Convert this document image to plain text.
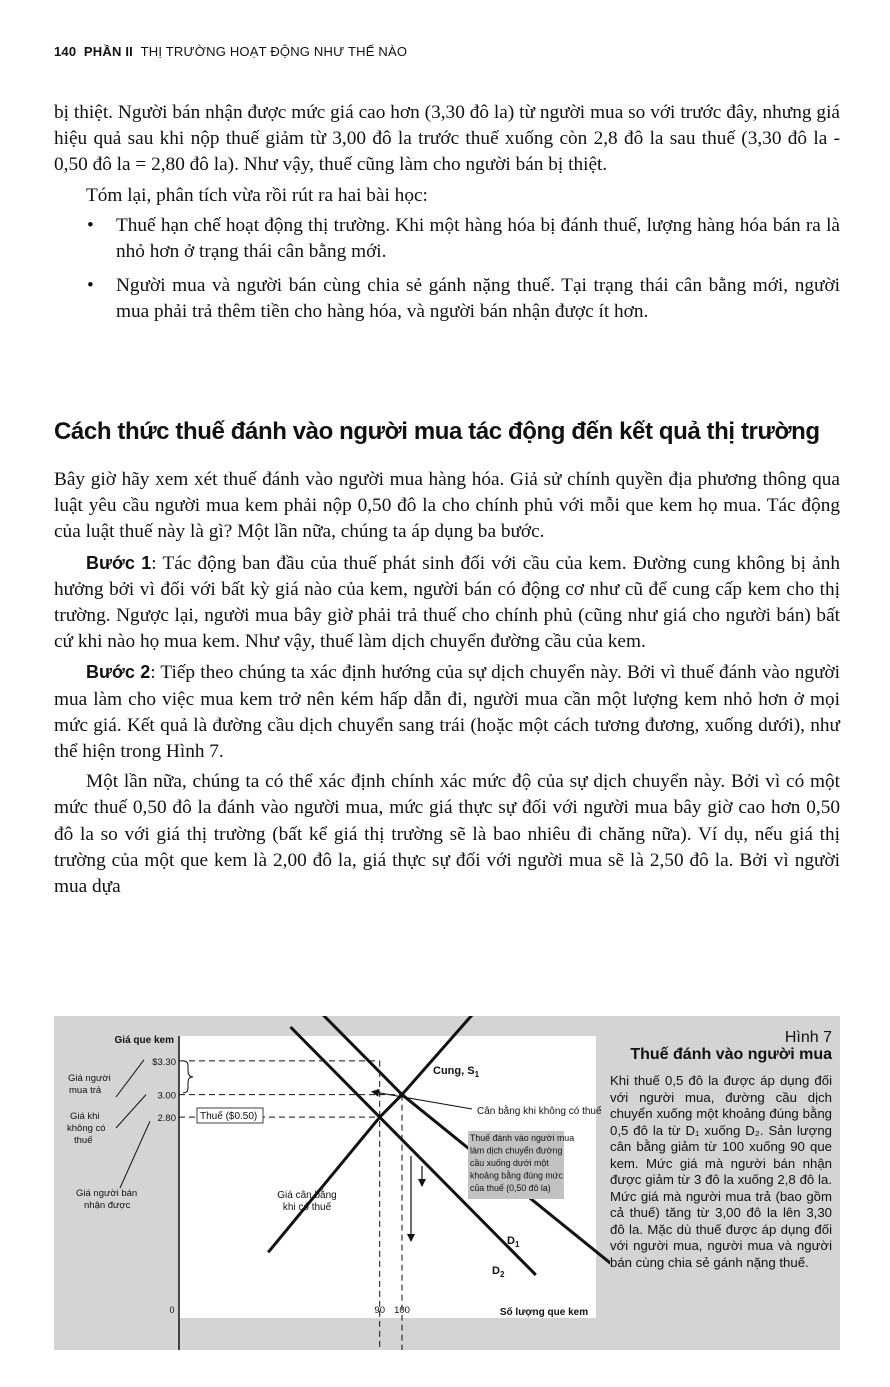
140 PHẦN II THỊ TRƯỜNG HOẠT ĐỘNG NHƯ THẾ NÀO

bị thiệt. Người bán nhận được mức giá cao hơn (3,30 đô la) từ người mua so với trước đây, nhưng giá hiệu quả sau khi nộp thuế giảm từ 3,00 đô la trước thuế xuống còn 2,8 đô la sau thuế (3,30 đô la - 0,50 đô la = 2,80 đô la). Như vậy, thuế cũng làm cho người bán bị thiệt.

Tóm lại, phân tích vừa rồi rút ra hai bài học:

• Thuế hạn chế hoạt động thị trường. Khi một hàng hóa bị đánh thuế, lượng hàng hóa bán ra là nhỏ hơn ở trạng thái cân bằng mới.

• Người mua và người bán cùng chia sẻ gánh nặng thuế. Tại trạng thái cân bằng mới, người mua phải trả thêm tiền cho hàng hóa, và người bán nhận được ít hơn.

Cách thức thuế đánh vào người mua tác động đến kết quả thị trường

Bây giờ hãy xem xét thuế đánh vào người mua hàng hóa. Giả sử chính quyền địa phương thông qua luật yêu cầu người mua kem phải nộp 0,50 đô la cho chính phủ với mỗi que kem họ mua. Tác động của luật thuế này là gì? Một lần nữa, chúng ta áp dụng ba bước.

Bước 1: Tác động ban đầu của thuế phát sinh đối với cầu của kem. Đường cung không bị ảnh hưởng bởi vì đối với bất kỳ giá nào của kem, người bán có động cơ như cũ để cung cấp kem cho thị trường. Ngược lại, người mua bây giờ phải trả thuế cho chính phủ (cũng như giá cho người bán) bất cứ khi nào họ mua kem. Như vậy, thuế làm dịch chuyển đường cầu của kem.

Bước 2: Tiếp theo chúng ta xác định hướng của sự dịch chuyển này. Bởi vì thuế đánh vào người mua làm cho việc mua kem trở nên kém hấp dẫn đi, người mua cần một lượng kem nhỏ hơn ở mọi mức giá. Kết quả là đường cầu dịch chuyển sang trái (hoặc một cách tương đương, xuống dưới), như thể hiện trong Hình 7.

Một lần nữa, chúng ta có thể xác định chính xác mức độ của sự dịch chuyển này. Bởi vì có một mức thuế 0,50 đô la đánh vào người mua, mức giá thực sự đối với người mua bây giờ cao hơn 0,50 đô la so với giá thị trường (bất kể giá thị trường sẽ là bao nhiêu đi chăng nữa). Ví dụ, nếu giá thị trường của một que kem là 2,00 đô la, giá thực sự đối với người mua sẽ là 2,50 đô la. Bởi vì người mua dựa

Giá que kem
Số lượng que kem
0
$3.30
3.00
2.80
90 100
Cung, $S_1$
$D_1$
$D_2$
Thuế ($0.50)	Cân bằng khi không có thuế
Giá cân bằng
khi có thuế
Thuế đánh vào người mua
làm dịch chuyển đường
cầu xuống dưới một
khoảng bằng đúng mức
của thuế (0,50 đô la)
Giá người
mua trả
Giá khi
không có
thuế
Giá người bán
nhận được
Hình 7
Thuế đánh vào người mua
Khi thuế 0,5 đô la được áp dụng đối với người mua, đường cầu dịch chuyển xuống một khoảng đúng bằng 0,5 đô la từ D₁ xuống D₂. Sản lượng cân bằng giảm từ 100 xuống 90 que kem. Mức giá mà người bán nhận được giảm từ 3 đô la xuống 2,8 đô la. Mức giá mà người mua trả (bao gồm cả thuế) tăng từ 3,00 đô la lên 3,30 đô la. Mặc dù thuế được áp dụng đối với người mua, người mua và người bán cùng chia sẻ gánh nặng thuế.
